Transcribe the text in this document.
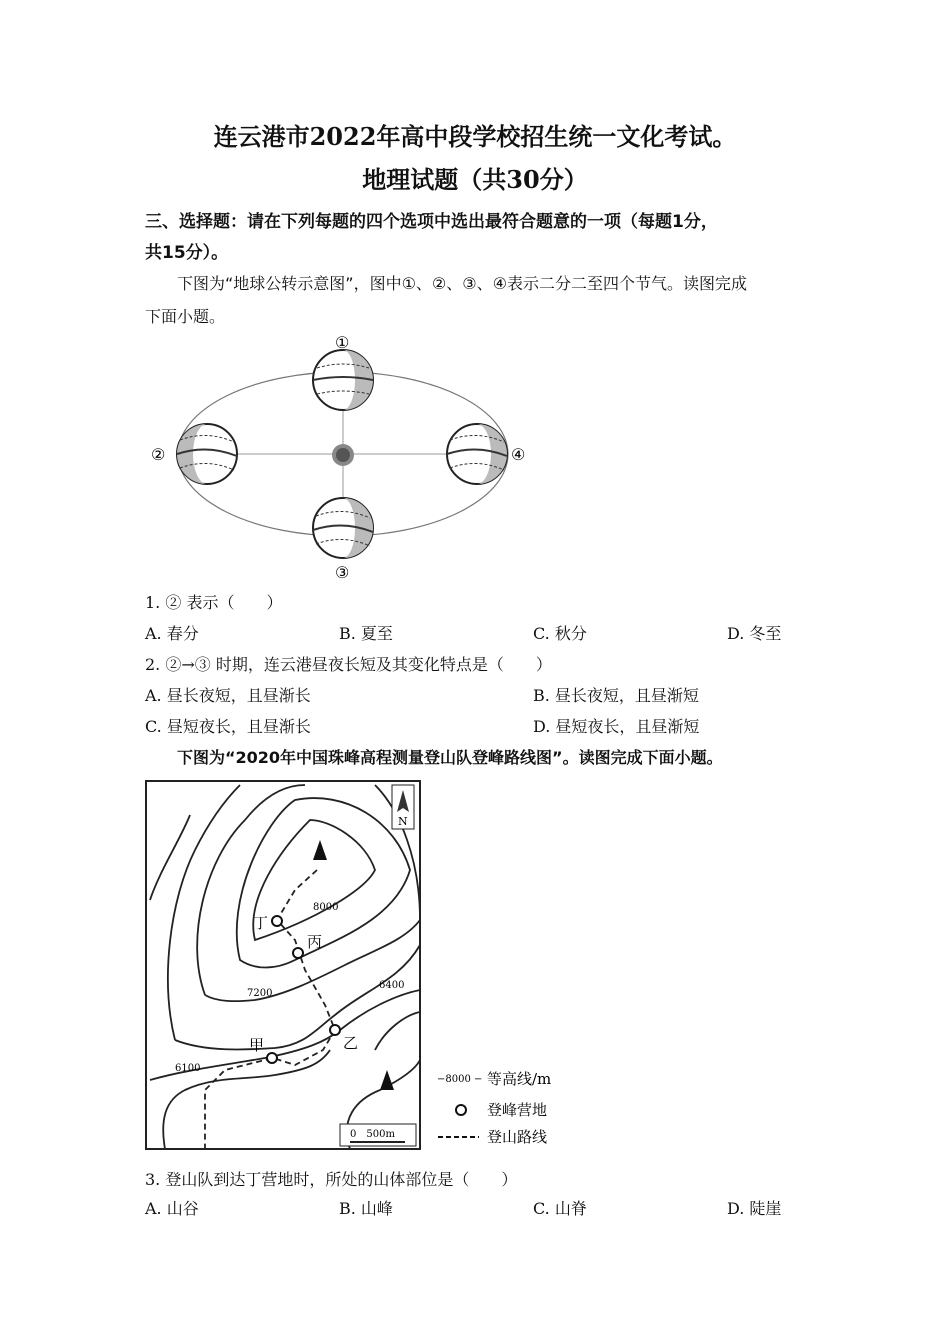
连云港市2022年高中段学校招生统一文化考试。
地理试题（共30分）
三、选择题：请在下列每题的四个选项中选出最符合题意的一项（每题1分，
共15分）。
下图为“地球公转示意图”，图中①、②、③、④表示二分二至四个节气。读图完成
下面小题。
①
②
③
④
1. ② 表示（　　）
A. 春分	B. 夏至	C. 秋分	D. 冬至
2. ②→③ 时期，连云港昼夜长短及其变化特点是（　　）
A. 昼长夜短，且昼渐长	B. 昼长夜短，且昼渐短
C. 昼短夜长，且昼渐长	D. 昼短夜长，且昼渐短
下图为“2020年中国珠峰高程测量登山队登峰路线图”。读图完成下面小题。
丁
丙
乙
甲
8000
7200
6400
6100
N
0　500m
−8000 − 等高线/m
登峰营地
登山路线
3. 登山队到达丁营地时，所处的山体部位是（　　）
A. 山谷	B. 山峰	C. 山脊	D. 陡崖
